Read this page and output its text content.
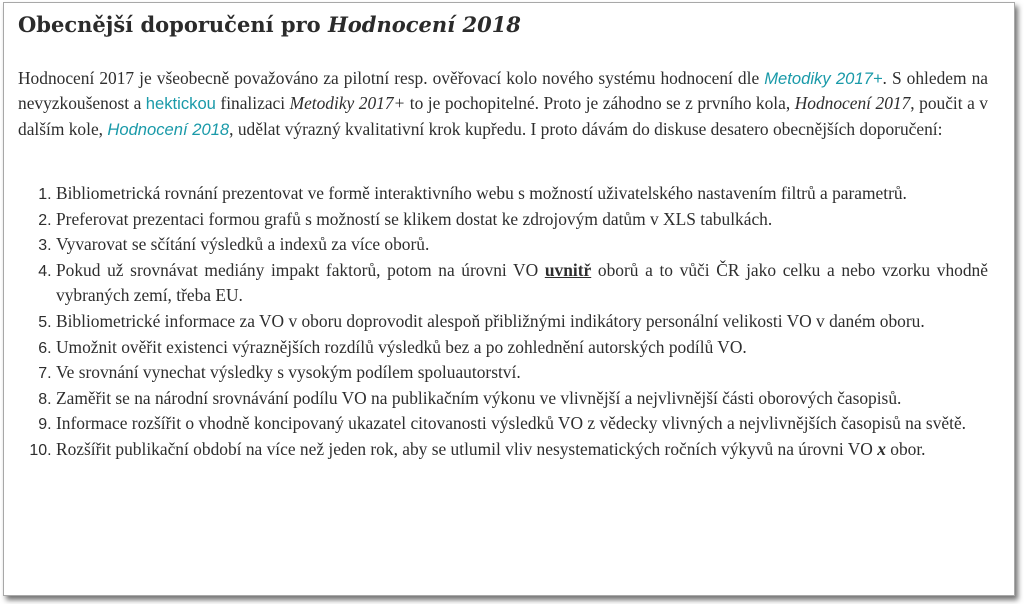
Obecnější doporučení pro Hodnocení 2018

Hodnocení 2017 je všeobecně považováno za pilotní resp. ověřovací kolo nového systému hodnocení dle Metodiky 2017+. S ohledem na nevyzkoušenost a hektickou finalizaci Metodiky 2017+ to je pochopitelné. Proto je záhodno se z prvního kola, Hodnocení 2017, poučit a v dalším kole, Hodnocení 2018, udělat výrazný kvalitativní krok kupředu. I proto dávám do diskuse desatero obecnějších doporučení:

1. Bibliometrická rovnání prezentovat ve formě interaktivního webu s možností uživatelského nastavením filtrů a parametrů.
2. Preferovat prezentaci formou grafů s možností se klikem dostat ke zdrojovým datům v XLS tabulkách.
3. Vyvarovat se sčítání výsledků a indexů za více oborů.
4. Pokud už srovnávat mediány impakt faktorů, potom na úrovni VO uvnitř oborů a to vůči ČR jako celku a nebo vzorku vhodně vybraných zemí, třeba EU.
5. Bibliometrické informace za VO v oboru doprovodit alespoň přibližnými indikátory personální velikosti VO v daném oboru.
6. Umožnit ověřit existenci výraznějších rozdílů výsledků bez a po zohlednění autorských podílů VO.
7. Ve srovnání vynechat výsledky s vysokým podílem spoluautorství.
8. Zaměřit se na národní srovnávání podílu VO na publikačním výkonu ve vlivnější a nejvlivnější části oborových časopisů.
9. Informace rozšířit o vhodně koncipovaný ukazatel citovanosti výsledků VO z vědecky vlivných a nejvlivnějších časopisů na světě.
10. Rozšířit publikační období na více než jeden rok, aby se utlumil vliv nesystematických ročních výkyvů na úrovni VO x obor.
